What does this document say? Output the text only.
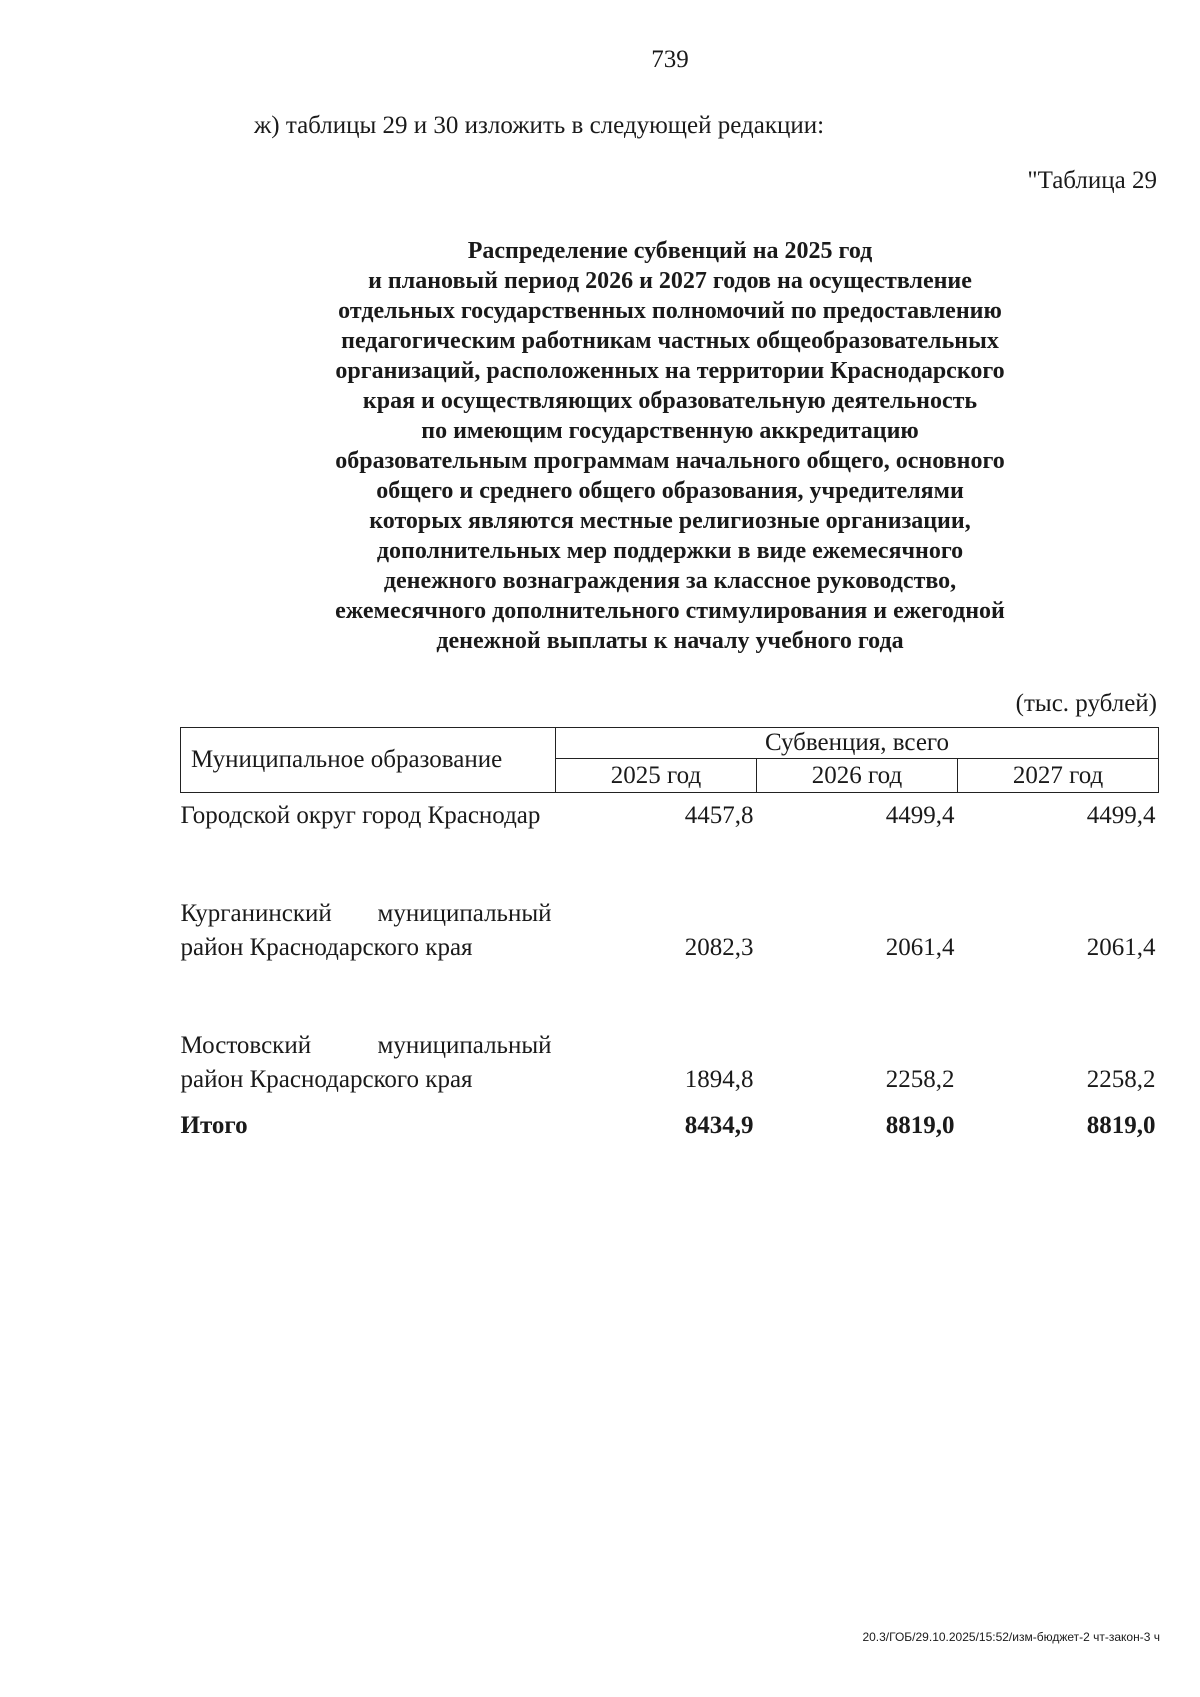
739
ж) таблицы 29 и 30 изложить в следующей редакции:
"Таблица 29
Распределение субвенций на 2025 год
и плановый период 2026 и 2027 годов на осуществление
отдельных государственных полномочий по предоставлению
педагогическим работникам частных общеобразовательных
организаций, расположенных на территории Краснодарского
края и осуществляющих образовательную деятельность
по имеющим государственную аккредитацию
образовательным программам начального общего, основного
общего и среднего общего образования, учредителями
которых являются местные религиозные организации,
дополнительных мер поддержки в виде ежемесячного
денежного вознаграждения за классное руководство,
ежемесячного дополнительного стимулирования и ежегодной
денежной выплаты к началу учебного года
(тыс. рублей)
Муниципальное образование	Субвенция, всего		
	2025 год	2026 год	2027 год
Городской округ город Краснодар	4457,8	4499,4	4499,4

Курганинский муниципальный район Краснодарского края	2082,3	2061,4	2061,4

Мостовский муниципальный район Краснодарского края	1894,8	2258,2	2258,2
Итого	8434,9	8819,0	8819,0
20.3/ГОБ/29.10.2025/15:52/изм-бюджет-2 чт-закон-3 ч
